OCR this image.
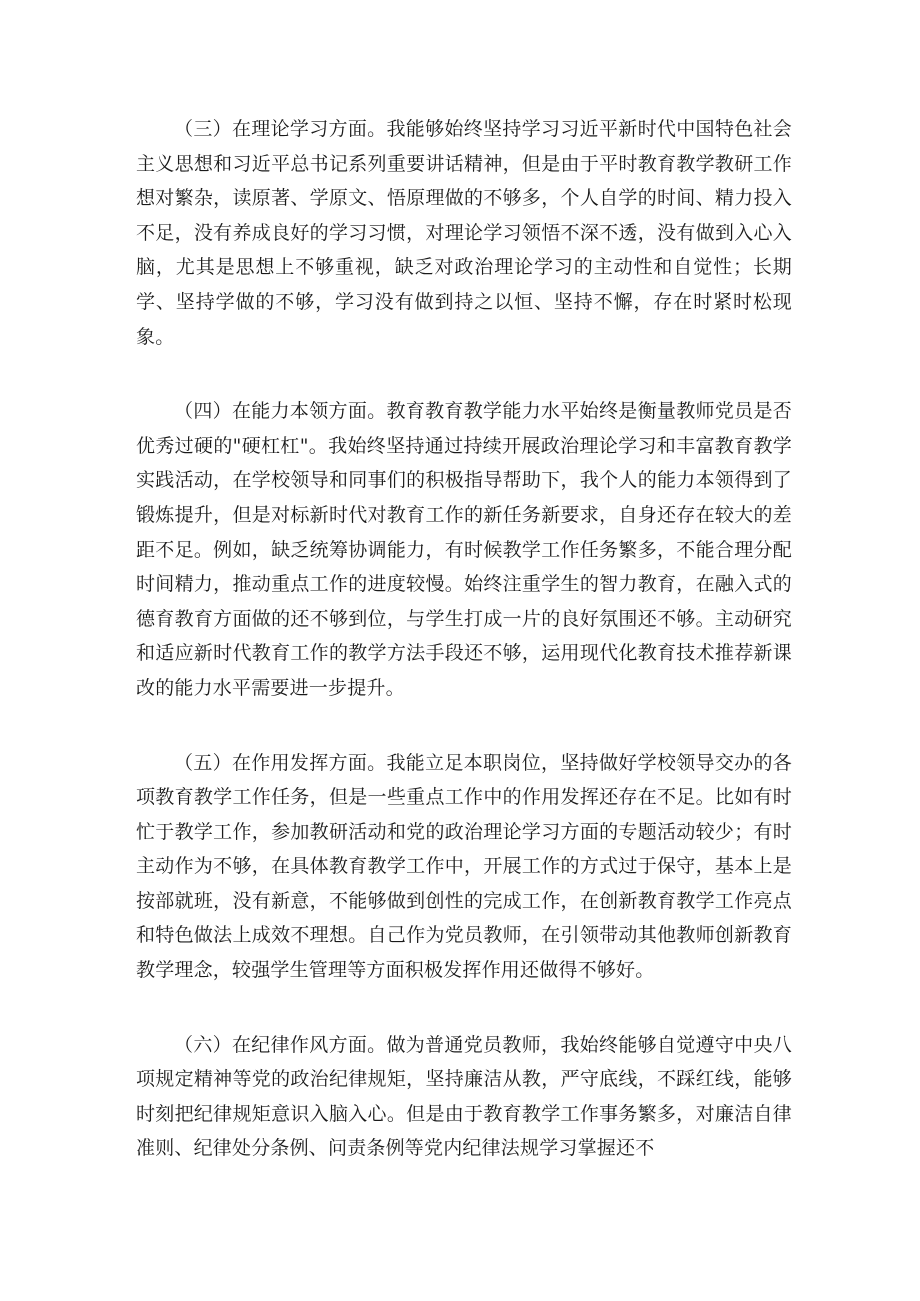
（三）在理论学习方面。我能够始终坚持学习习近平新时代中国特色社会主义思想和习近平总书记系列重要讲话精神，但是由于平时教育教学教研工作想对繁杂，读原著、学原文、悟原理做的不够多，个人自学的时间、精力投入不足，没有养成良好的学习习惯，对理论学习领悟不深不透，没有做到入心入脑，尤其是思想上不够重视，缺乏对政治理论学习的主动性和自觉性；长期学、坚持学做的不够，学习没有做到持之以恒、坚持不懈，存在时紧时松现象。

（四）在能力本领方面。教育教育教学能力水平始终是衡量教师党员是否优秀过硬的"硬杠杠"。我始终坚持通过持续开展政治理论学习和丰富教育教学实践活动，在学校领导和同事们的积极指导帮助下，我个人的能力本领得到了锻炼提升，但是对标新时代对教育工作的新任务新要求，自身还存在较大的差距不足。例如，缺乏统筹协调能力，有时候教学工作任务繁多，不能合理分配时间精力，推动重点工作的进度较慢。始终注重学生的智力教育，在融入式的德育教育方面做的还不够到位，与学生打成一片的良好氛围还不够。主动研究和适应新时代教育工作的教学方法手段还不够，运用现代化教育技术推荐新课改的能力水平需要进一步提升。

（五）在作用发挥方面。我能立足本职岗位，坚持做好学校领导交办的各项教育教学工作任务，但是一些重点工作中的作用发挥还存在不足。比如有时忙于教学工作，参加教研活动和党的政治理论学习方面的专题活动较少；有时主动作为不够，在具体教育教学工作中，开展工作的方式过于保守，基本上是按部就班，没有新意，不能够做到创性的完成工作，在创新教育教学工作亮点和特色做法上成效不理想。自己作为党员教师，在引领带动其他教师创新教育教学理念，较强学生管理等方面积极发挥作用还做得不够好。

（六）在纪律作风方面。做为普通党员教师，我始终能够自觉遵守中央八项规定精神等党的政治纪律规矩，坚持廉洁从教，严守底线，不踩红线，能够时刻把纪律规矩意识入脑入心。但是由于教育教学工作事务繁多，对廉洁自律准则、纪律处分条例、问责条例等党内纪律法规学习掌握还不
